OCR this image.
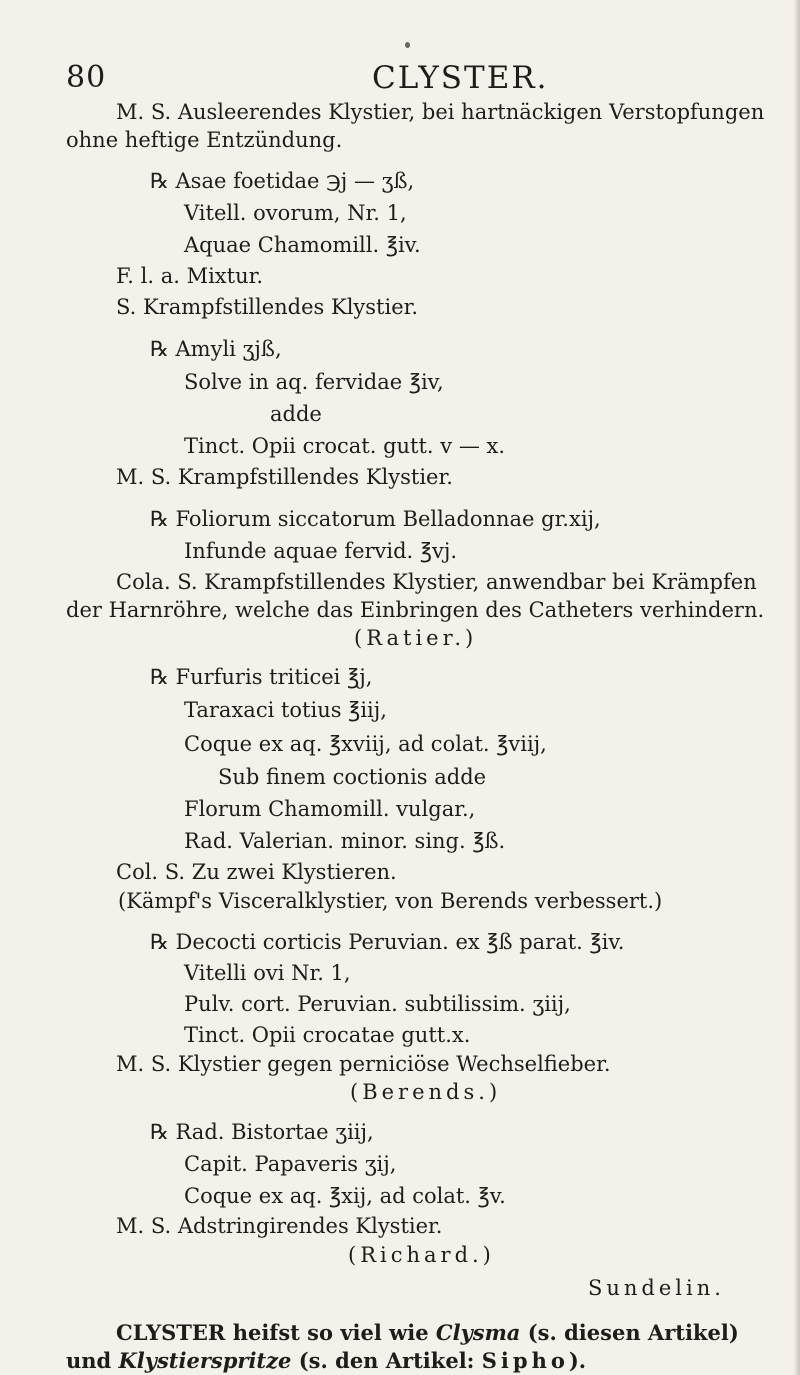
80	CLYSTER.
M. S. Ausleerendes Klystier, bei hartnäckigen Verstopfungen
ohne heftige Entzündung.
℞ Asae foetidae ℈j — ʒß,
Vitell. ovorum, Nr. 1,
Aquae Chamomill. ℥iv.
F. l. a. Mixtur.
S. Krampfstillendes Klystier.
℞ Amyli ʒjß,
Solve in aq. fervidae ℥iv,
adde
Tinct. Opii crocat. gutt. v — x.
M. S. Krampfstillendes Klystier.
℞ Foliorum siccatorum Belladonnae gr.xij,
Infunde aquae fervid. ℥vj.
Cola. S. Krampfstillendes Klystier, anwendbar bei Krämpfen
der Harnröhre, welche das Einbringen des Catheters verhindern.
(Ratier.)
℞ Furfuris triticei ℥j,
Taraxaci totius ℥iij,
Coque ex aq. ℥xviij, ad colat. ℥viij,
Sub finem coctionis adde
Florum Chamomill. vulgar.,
Rad. Valerian. minor. sing. ℥ß.
Col. S. Zu zwei Klystieren.
(Kämpf's Visceralklystier, von Berends verbessert.)
℞ Decocti corticis Peruvian. ex ℥ß parat. ℥iv.
Vitelli ovi Nr. 1,
Pulv. cort. Peruvian. subtilissim. ʒiij,
Tinct. Opii crocatae gutt.x.
M. S. Klystier gegen perniciöse Wechselfieber.
(Berends.)
℞ Rad. Bistortae ʒiij,
Capit. Papaveris ʒij,
Coque ex aq. ℥xij, ad colat. ℥v.
M. S. Adstringirendes Klystier.
(Richard.)
Sundelin.
CLYSTER heifst so viel wie Clysma (s. diesen Artikel)
und Klystierspritze (s. den Artikel: Sipho).
